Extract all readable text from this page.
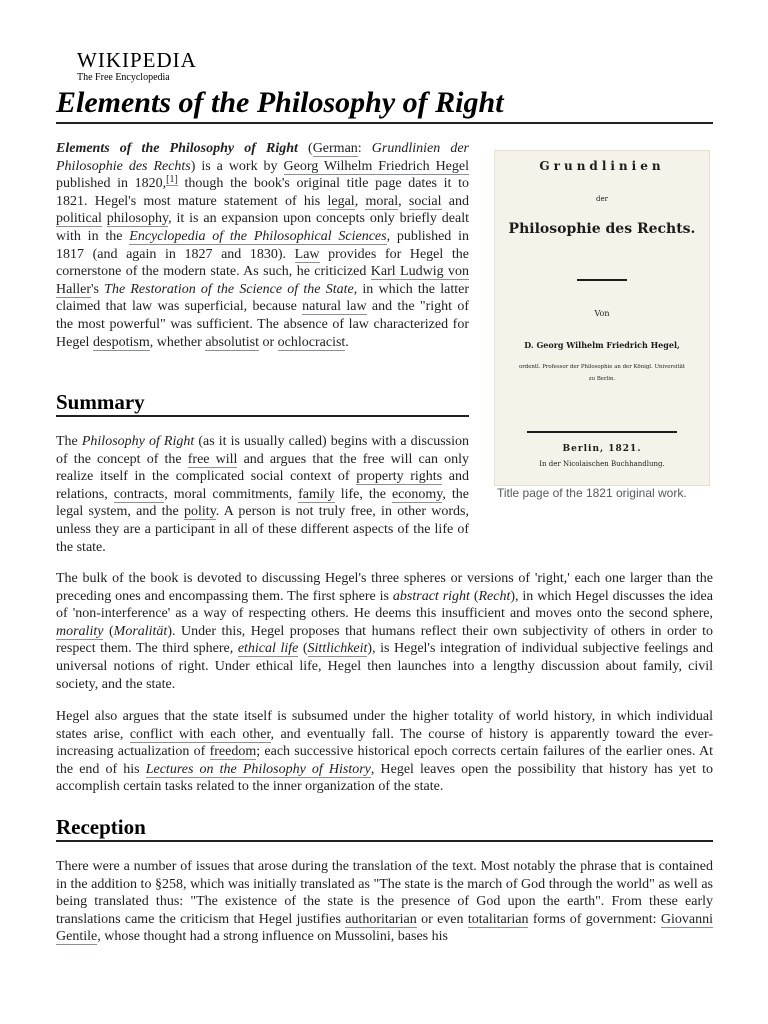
WIKIPEDIA
The Free Encyclopedia
Elements of the Philosophy of Right

Elements of the Philosophy of Right (German: Grundlinien der Philosophie des Rechts) is a work by Georg Wilhelm Friedrich Hegel published in 1820,[1] though the book's original title page dates it to 1821. Hegel's most mature statement of his legal, moral, social and political philosophy, it is an expansion upon concepts only briefly dealt with in the Encyclopedia of the Philosophical Sciences, published in 1817 (and again in 1827 and 1830). Law provides for Hegel the cornerstone of the modern state. As such, he criticized Karl Ludwig von Haller's The Restoration of the Science of the State, in which the latter claimed that law was superficial, because natural law and the "right of the most powerful" was sufficient. The absence of law characterized for Hegel despotism, whether absolutist or ochlocracist.

Grundlinien
der
Philosophie des Rechts.
Von
D. Georg Wilhelm Friedrich Hegel,
ordentl. Professor der Philosophie an der Königl. Universität
zu Berlin.
Berlin, 1821.
In der Nicolaischen Buchhandlung.
Title page of the 1821 original work.
Summary

The Philosophy of Right (as it is usually called) begins with a discussion of the concept of the free will and argues that the free will can only realize itself in the complicated social context of property rights and relations, contracts, moral commitments, family life, the economy, the legal system, and the polity. A person is not truly free, in other words, unless they are a participant in all of these different aspects of the life of the state.

The bulk of the book is devoted to discussing Hegel's three spheres or versions of 'right,' each one larger than the preceding ones and encompassing them. The first sphere is abstract right (Recht), in which Hegel discusses the idea of 'non-interference' as a way of respecting others. He deems this insufficient and moves onto the second sphere, morality (Moralität). Under this, Hegel proposes that humans reflect their own subjectivity of others in order to respect them. The third sphere, ethical life (Sittlichkeit), is Hegel's integration of individual subjective feelings and universal notions of right. Under ethical life, Hegel then launches into a lengthy discussion about family, civil society, and the state.

Hegel also argues that the state itself is subsumed under the higher totality of world history, in which individual states arise, conflict with each other, and eventually fall. The course of history is apparently toward the ever-increasing actualization of freedom; each successive historical epoch corrects certain failures of the earlier ones. At the end of his Lectures on the Philosophy of History, Hegel leaves open the possibility that history has yet to accomplish certain tasks related to the inner organization of the state.

Reception

There were a number of issues that arose during the translation of the text. Most notably the phrase that is contained in the addition to §258, which was initially translated as "The state is the march of God through the world" as well as being translated thus: "The existence of the state is the presence of God upon the earth". From these early translations came the criticism that Hegel justifies authoritarian or even totalitarian forms of government: Giovanni Gentile, whose thought had a strong influence on Mussolini, bases his
